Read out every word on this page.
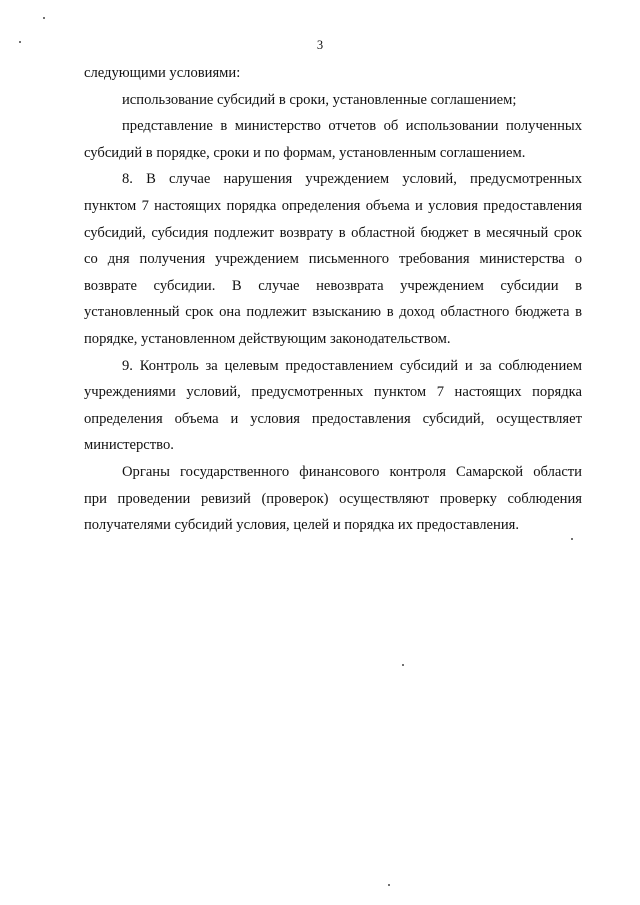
3

следующими условиями:

использование субсидий в сроки, установленные соглашением;

представление в министерство отчетов об использовании полученных

субсидий в порядке, сроки и по формам, установленным соглашением.

8. В случае нарушения учреждением условий, предусмотренных

пунктом 7 настоящих порядка определения объема и условия предоставления

субсидий, субсидия подлежит возврату в областной бюджет в месячный срок

со дня получения учреждением письменного требования министерства о

возврате субсидии. В случае невозврата учреждением субсидии в

установленный срок она подлежит взысканию в доход областного бюджета в

порядке, установленном действующим законодательством.

9. Контроль за целевым предоставлением субсидий и за соблюдением

учреждениями условий, предусмотренных пунктом 7 настоящих порядка

определения объема и условия предоставления субсидий, осуществляет

министерство.

Органы государственного финансового контроля Самарской области

при проведении ревизий (проверок) осуществляют проверку соблюдения

получателями субсидий условия, целей и порядка их предоставления.
